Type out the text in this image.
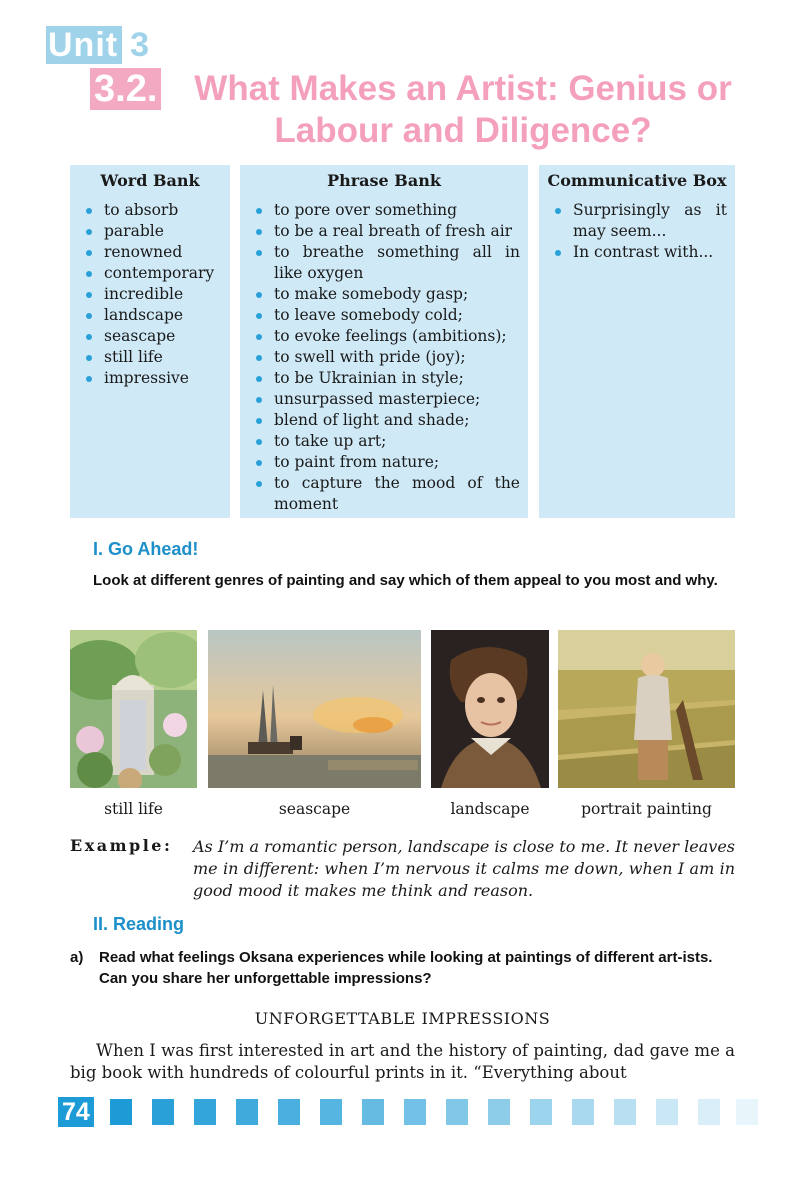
Unit 3
3.2.	What Makes an Artist: Genius or
Labour and Diligence?
Word Bank
to absorb
parable
renowned
contemporary
incredible
landscape
seascape
still life
impressive
Phrase Bank
to pore over something
to be a real breath of fresh air
to breathe something all in like oxygen
to make somebody gasp;
to leave somebody cold;
to evoke feelings (ambitions);
to swell with pride (joy);
to be Ukrainian in style;
unsurpassed masterpiece;
blend of light and shade;
to take up art;
to paint from nature;
to capture the mood of the moment
Communicative Box
Surprisingly as it may seem...
In contrast with...
I. Go Ahead!
Look at different genres of painting and say which of them appeal to you most and why.
still life	seascape	landscape	portrait painting
Example: As I’m a romantic person, landscape is close to me. It never leaves me in different: when I’m nervous it calms me down, when I am in good mood it makes me think and reason.
II. Reading
a)	Read what feelings Oksana experiences while looking at paintings of different art-ists. Can you share her unforgettable impressions?
UNFORGETTABLE IMPRESSIONS
When I was first interested in art and the history of painting, dad gave me a big book with hundreds of colourful prints in it. “Everything about
74
